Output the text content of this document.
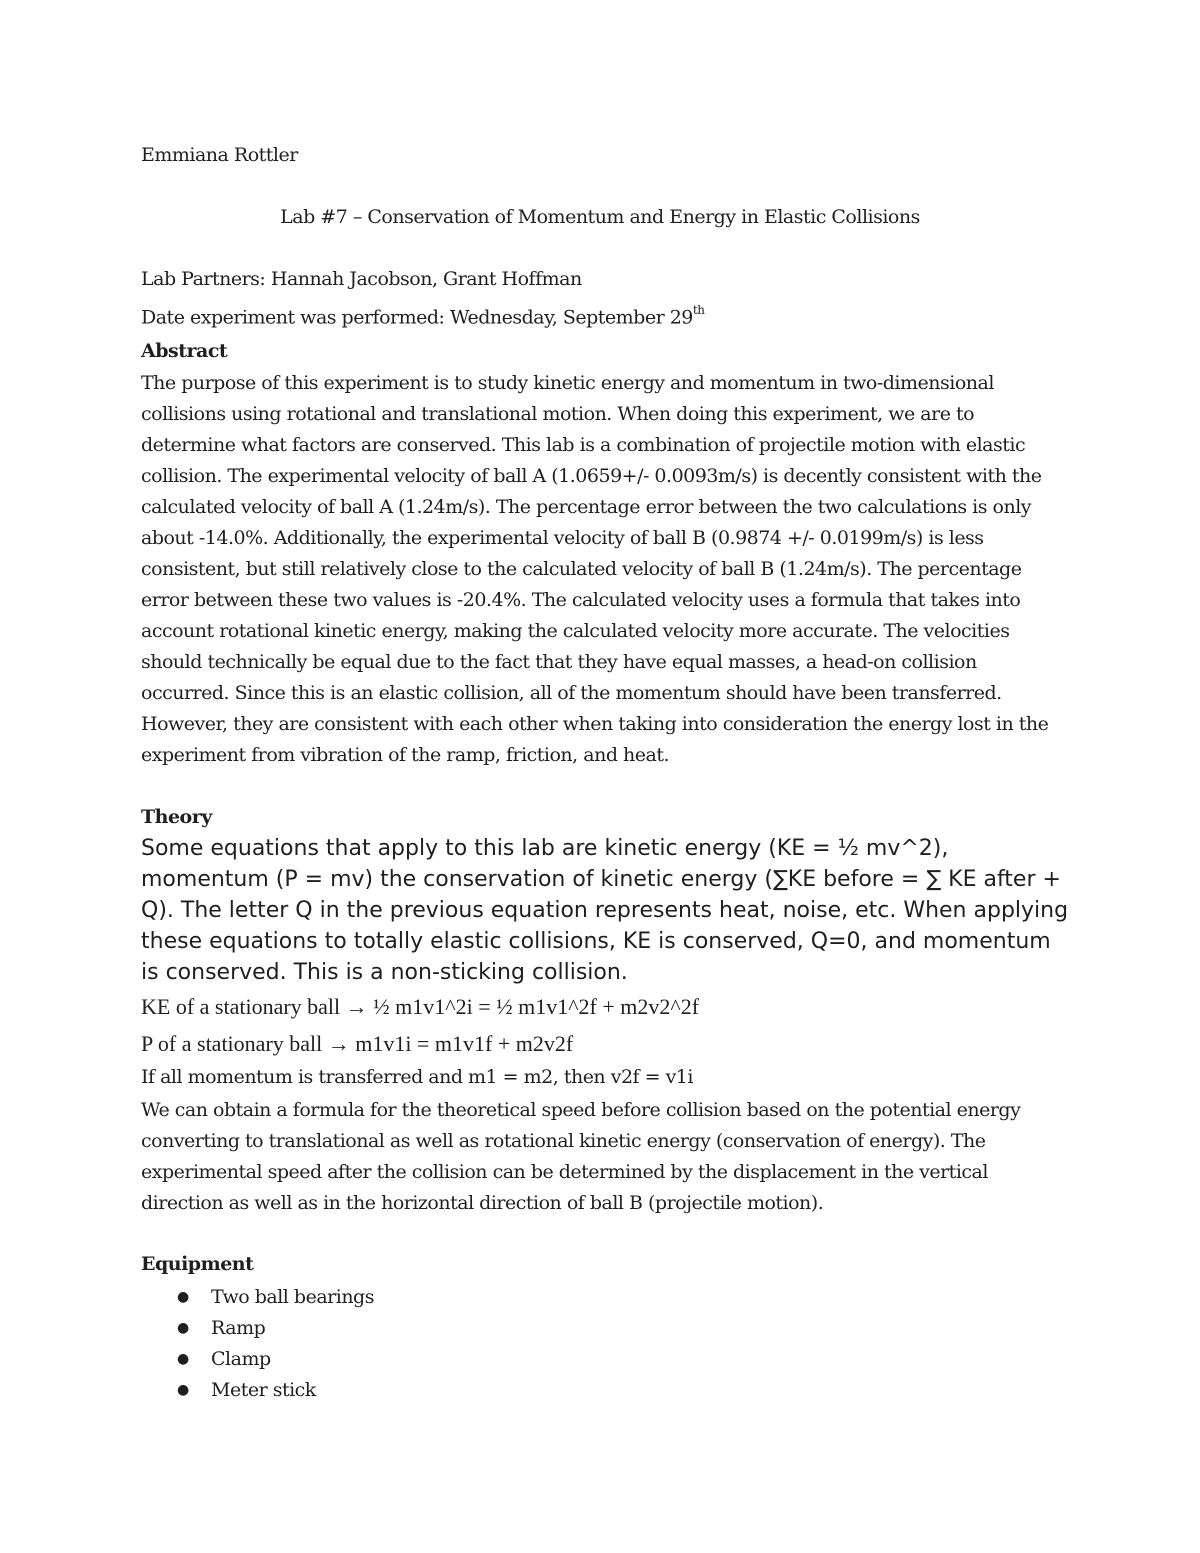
Emmiana Rottler

Lab #7 – Conservation of Momentum and Energy in Elastic Collisions

Lab Partners: Hannah Jacobson, Grant Hoffman

Date experiment was performed: Wednesday, September 29th

Abstract

The purpose of this experiment is to study kinetic energy and momentum in two-dimensional collisions using rotational and translational motion. When doing this experiment, we are to determine what factors are conserved. This lab is a combination of projectile motion with elastic collision. The experimental velocity of ball A (1.0659+/- 0.0093m/s) is decently consistent with the calculated velocity of ball A (1.24m/s). The percentage error between the two calculations is only about -14.0%. Additionally, the experimental velocity of ball B (0.9874 +/- 0.0199m/s) is less consistent, but still relatively close to the calculated velocity of ball B (1.24m/s). The percentage error between these two values is -20.4%. The calculated velocity uses a formula that takes into account rotational kinetic energy, making the calculated velocity more accurate. The velocities should technically be equal due to the fact that they have equal masses, a head-on collision occurred. Since this is an elastic collision, all of the momentum should have been transferred. However, they are consistent with each other when taking into consideration the energy lost in the experiment from vibration of the ramp, friction, and heat.

Theory

Some equations that apply to this lab are kinetic energy (KE = ½ mv^2), momentum (P = mv) the conservation of kinetic energy (∑KE before = ∑ KE after + Q). The letter Q in the previous equation represents heat, noise, etc. When applying these equations to totally elastic collisions, KE is conserved, Q=0, and momentum is conserved. This is a non-sticking collision.

KE of a stationary ball → ½ m1v1^2i = ½ m1v1^2f + m2v2^2f

P of a stationary ball → m1v1i = m1v1f + m2v2f

If all momentum is transferred and m1 = m2, then v2f = v1i

We can obtain a formula for the theoretical speed before collision based on the potential energy converting to translational as well as rotational kinetic energy (conservation of energy). The experimental speed after the collision can be determined by the displacement in the vertical direction as well as in the horizontal direction of ball B (projectile motion).

Equipment

● Two ball bearings
● Ramp
● Clamp
● Meter stick
